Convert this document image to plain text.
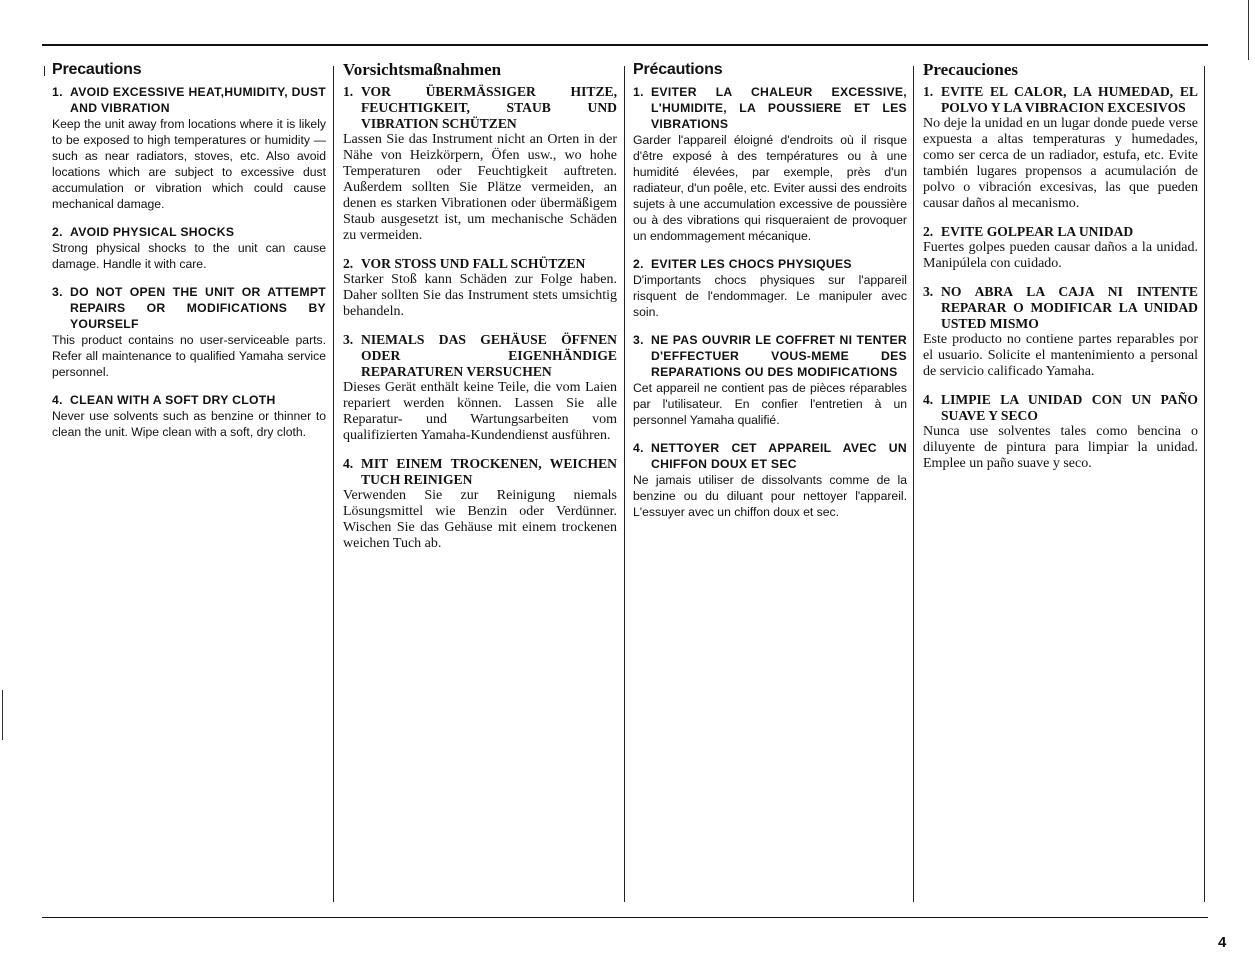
Precautions
1. AVOID EXCESSIVE HEAT,HUMIDITY, DUST AND VIBRATION

Keep the unit away from locations where it is likely to be exposed to high temperatures or humidity — such as near radiators, stoves, etc. Also avoid locations which are subject to excessive dust accumulation or vibration which could cause mechanical damage.

2. AVOID PHYSICAL SHOCKS

Strong physical shocks to the unit can cause damage. Handle it with care.

3. DO NOT OPEN THE UNIT OR ATTEMPT REPAIRS OR MODIFICATIONS BY YOURSELF

This product contains no user-serviceable parts. Refer all maintenance to qualified Yamaha service personnel.

4. CLEAN WITH A SOFT DRY CLOTH

Never use solvents such as benzine or thinner to clean the unit. Wipe clean with a soft, dry cloth.

Vorsichtsmaßnahmen
1. VOR ÜBERMÄSSIGER HITZE, FEUCHTIGKEIT, STAUB UND VIBRATION SCHÜTZEN

Lassen Sie das Instrument nicht an Orten in der Nähe von Heizkörpern, Öfen usw., wo hohe Temperaturen oder Feuchtigkeit auftreten. Außerdem sollten Sie Plätze vermeiden, an denen es starken Vibrationen oder übermäßigem Staub ausgesetzt ist, um mechanische Schäden zu vermeiden.

2. VOR STOSS UND FALL SCHÜTZEN

Starker Stoß kann Schäden zur Folge haben. Daher sollten Sie das Instrument stets umsichtig behandeln.

3. NIEMALS DAS GEHÄUSE ÖFFNEN ODER EIGENHÄNDIGE REPARATUREN VERSUCHEN

Dieses Gerät enthält keine Teile, die vom Laien repariert werden können. Lassen Sie alle Reparatur- und Wartungsarbeiten vom qualifizierten Yamaha-Kundendienst ausführen.

4. MIT EINEM TROCKENEN, WEICHEN TUCH REINIGEN

Verwenden Sie zur Reinigung niemals Lösungsmittel wie Benzin oder Verdünner. Wischen Sie das Gehäuse mit einem trockenen weichen Tuch ab.

Précautions
1. EVITER LA CHALEUR EXCESSIVE, L'HUMIDITE, LA POUSSIERE ET LES VIBRATIONS

Garder l'appareil éloigné d'endroits où il risque d'être exposé à des températures ou à une humidité élevées, par exemple, près d'un radiateur, d'un poêle, etc. Eviter aussi des endroits sujets à une accumulation excessive de poussière ou à des vibrations qui risqueraient de provoquer un endommagement mécanique.

2. EVITER LES CHOCS PHYSIQUES

D'importants chocs physiques sur l'appareil risquent de l'endommager. Le manipuler avec soin.

3. NE PAS OUVRIR LE COFFRET NI TENTER D'EFFECTUER VOUS-MEME DES REPARATIONS OU DES MODIFICATIONS

Cet appareil ne contient pas de pièces réparables par l'utilisateur. En confier l'entretien à un personnel Yamaha qualifié.

4. NETTOYER CET APPAREIL AVEC UN CHIFFON DOUX ET SEC

Ne jamais utiliser de dissolvants comme de la benzine ou du diluant pour nettoyer l'appareil. L'essuyer avec un chiffon doux et sec.

Precauciones
1. EVITE EL CALOR, LA HUMEDAD, EL POLVO Y LA VIBRACION EXCESIVOS

No deje la unidad en un lugar donde puede verse expuesta a altas temperaturas y humedades, como ser cerca de un radiador, estufa, etc. Evite también lugares propensos a acumulación de polvo o vibración excesivas, las que pueden causar daños al mecanismo.

2. EVITE GOLPEAR LA UNIDAD

Fuertes golpes pueden causar daños a la unidad. Manipúlela con cuidado.

3. NO ABRA LA CAJA NI INTENTE REPARAR O MODIFICAR LA UNIDAD USTED MISMO

Este producto no contiene partes reparables por el usuario. Solicite el mantenimiento a personal de servicio calificado Yamaha.

4. LIMPIE LA UNIDAD CON UN PAÑO SUAVE Y SECO

Nunca use solventes tales como bencina o diluyente de pintura para limpiar la unidad. Emplee un paño suave y seco.

4
